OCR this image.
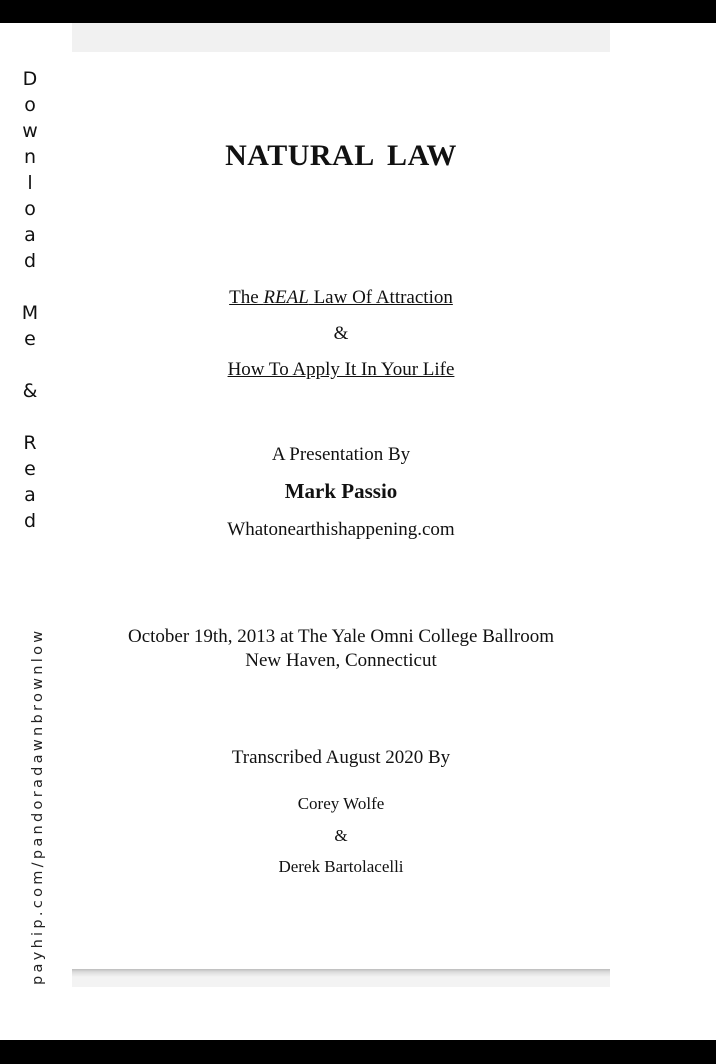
D
o
w
n
l
o
a
d
M
e
&
R
e
a
d
payhip.com/pandoradawnbrownlow
NATURAL LAW
The REAL Law Of Attraction
&
How To Apply It In Your Life
A Presentation By
Mark Passio
Whatonearthishappening.com
October 19th, 2013 at The Yale Omni College Ballroom
New Haven, Connecticut
Transcribed August 2020 By
Corey Wolfe
&
Derek Bartolacelli
